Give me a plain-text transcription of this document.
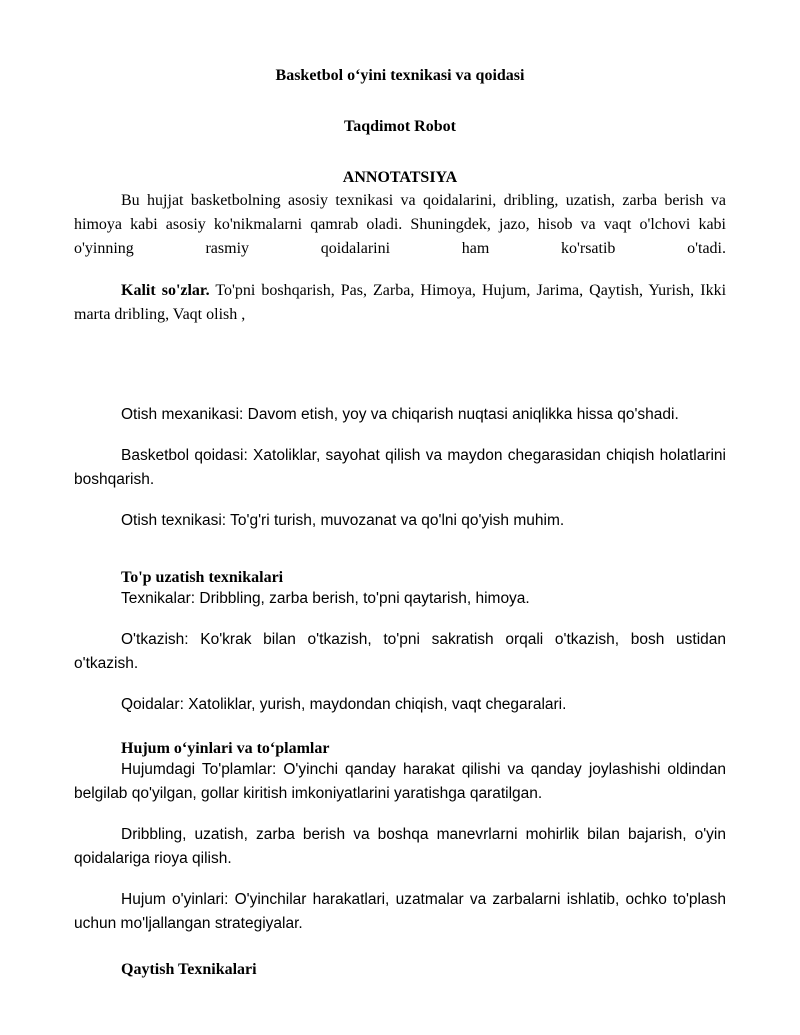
Basketbol o‘yini texnikasi va qoidasi

Taqdimot Robot

ANNOTATSIYA

Bu hujjat basketbolning asosiy texnikasi va qoidalarini, dribling, uzatish, zarba berish va himoya kabi asosiy ko'nikmalarni qamrab oladi. Shuningdek, jazo, hisob va vaqt o'lchovi kabi o'yinning rasmiy qoidalarini ham ko'rsatib o'tadi.

Kalit so'zlar. To'pni boshqarish, Pas, Zarba, Himoya, Hujum, Jarima, Qaytish, Yurish, Ikki marta dribling, Vaqt olish ,

Otish mexanikasi: Davom etish, yoy va chiqarish nuqtasi aniqlikka hissa qo'shadi.

Basketbol qoidasi: Xatoliklar, sayohat qilish va maydon chegarasidan chiqish holatlarini boshqarish.

Otish texnikasi: To'g'ri turish, muvozanat va qo'lni qo'yish muhim.

To'p uzatish texnikalari

Texnikalar: Dribbling, zarba berish, to'pni qaytarish, himoya.

O'tkazish: Ko'krak bilan o'tkazish, to'pni sakratish orqali o'tkazish, bosh ustidan o'tkazish.

Qoidalar: Xatoliklar, yurish, maydondan chiqish, vaqt chegaralari.

Hujum o‘yinlari va to‘plamlar

Hujumdagi To'plamlar: O'yinchi qanday harakat qilishi va qanday joylashishi oldindan belgilab qo'yilgan, gollar kiritish imkoniyatlarini yaratishga qaratilgan.

Dribbling, uzatish, zarba berish va boshqa manevrlarni mohirlik bilan bajarish, o'yin qoidalariga rioya qilish.

Hujum o'yinlari: O'yinchilar harakatlari, uzatmalar va zarbalarni ishlatib, ochko to'plash uchun mo'ljallangan strategiyalar.

Qaytish Texnikalari
